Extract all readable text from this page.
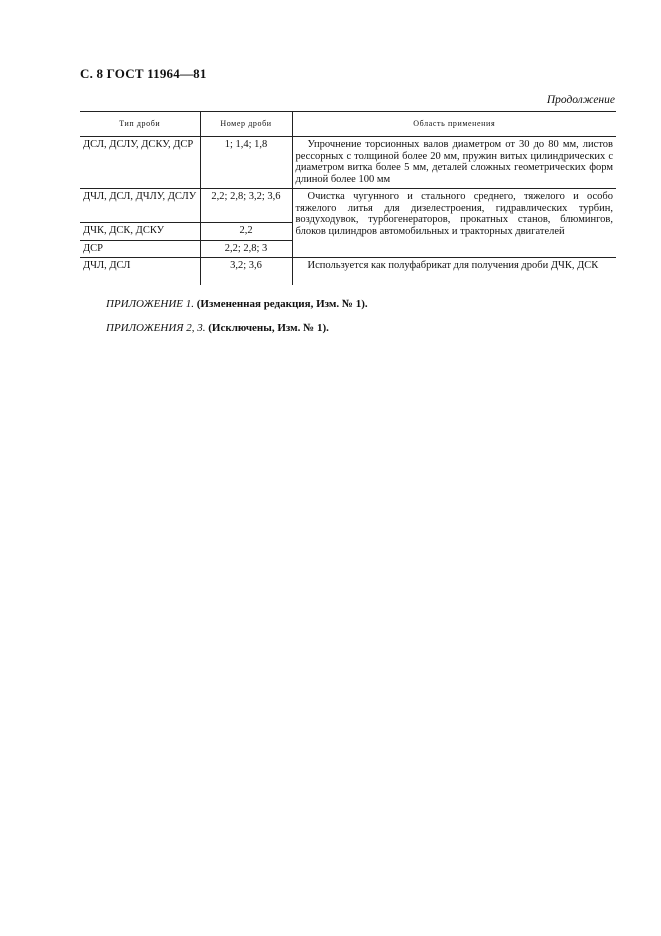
С. 8 ГОСТ 11964—81
Продолжение
Тип дроби	Номер дроби	Область применения
ДСЛ, ДСЛУ, ДСКУ, ДСР	1; 1,4; 1,8	Упрочнение торсионных валов диаметром от 30 до 80 мм, листов рессорных с толщиной более 20 мм, пружин витых цилиндрических с диаметром витка более 5 мм, деталей сложных геометрических форм длиной более 100 мм
ДЧЛ, ДСЛ, ДЧЛУ, ДСЛУ	2,2; 2,8; 3,2; 3,6	Очистка чугунного и стального среднего, тяжелого и особо тяжелого литья для дизелестроения, гидравлических турбин, воздуходувок, турбогенераторов, прокатных станов, блюмингов, блоков цилиндров автомобильных и тракторных двигателей
ДЧК, ДСК, ДСКУ	2,2	
ДСР	2,2; 2,8; 3	
ДЧЛ, ДСЛ	3,2; 3,6	Используется как полуфабрикат для получения дроби ДЧК, ДСК
ПРИЛОЖЕНИЕ 1. (Измененная редакция, Изм. № 1).
ПРИЛОЖЕНИЯ 2, 3. (Исключены, Изм. № 1).
